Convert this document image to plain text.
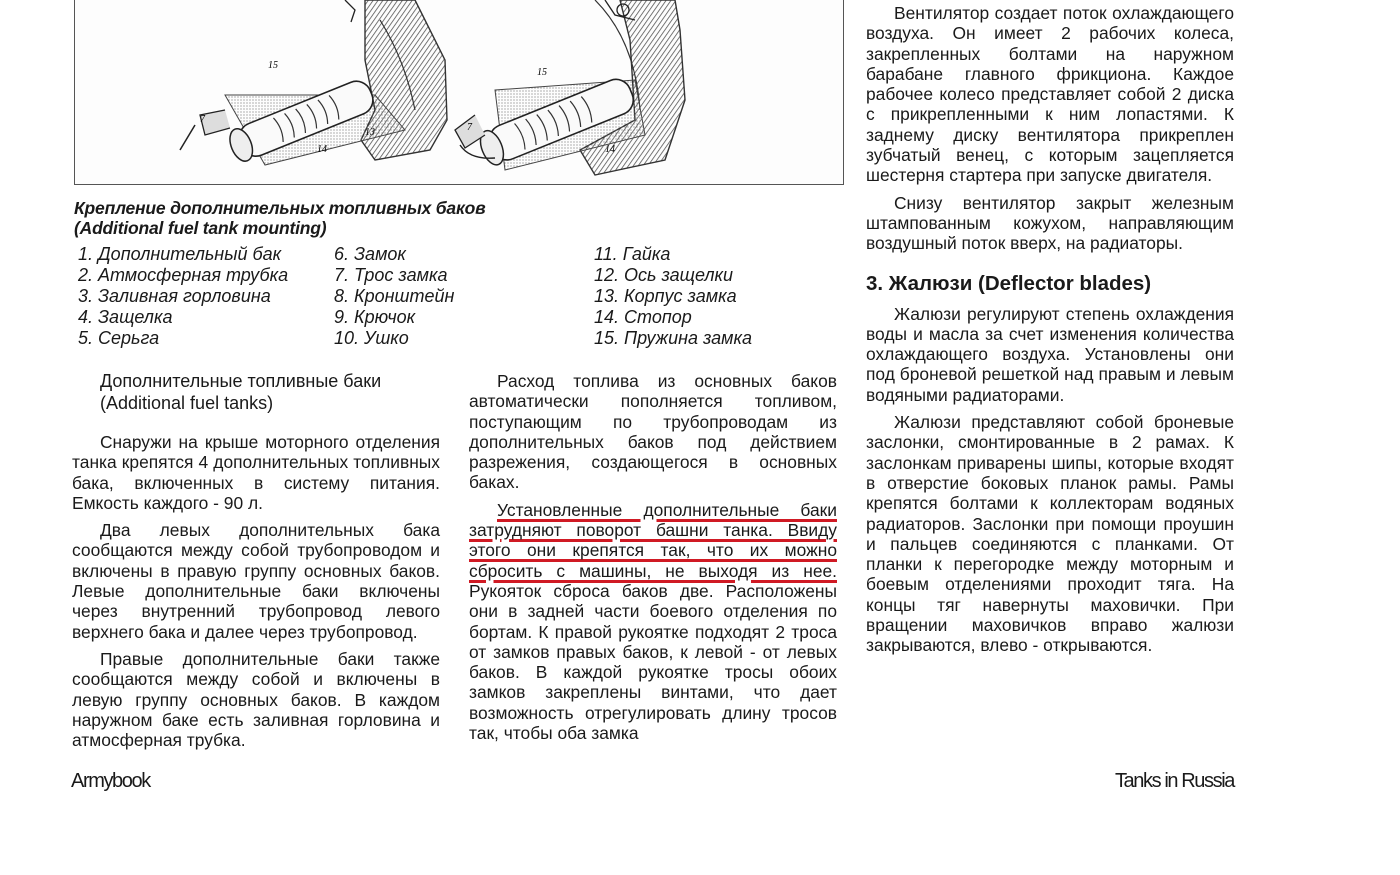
15
7
14
13
15
7
14
Крепление дополнительных топливных баков
(Additional fuel tank mounting)
1. Дополнительный бак
2. Атмосферная трубка
3. Заливная горловина
4. Защелка
5. Серьга
6. Замок
7. Трос замка
8. Кронштейн
9. Крючок
10. Ушко
11. Гайка
12. Ось защелки
13. Корпус замка
14. Стопор
15. Пружина замка

Дополнительные топливные баки
(Additional fuel tanks)

Снаружи на крыше моторного отделения танка крепятся 4 дополнительных топливных бака, включенных в систему питания. Емкость каждого - 90 л.

Два левых дополнительных бака сообщаются между собой трубопроводом и включены в правую группу основных баков. Левые дополнительные баки включены через внутренний трубопровод левого верхнего бака и далее через трубопровод.

Правые дополнительные баки также сообщаются между собой и включены в левую группу основных баков. В каждом наружном баке есть заливная горловина и атмосферная трубка.

Расход топлива из основных баков автоматически пополняется топливом, поступающим по трубопроводам из дополнительных баков под действием разрежения, создающегося в основных баках.

Установленные дополнительные баки затрудняют поворот башни танка. Ввиду этого они крепятся так, что их можно сбросить с машины, не выходя из нее. Рукояток сброса баков две. Расположены они в задней части боевого отделения по бортам. К правой рукоятке подходят 2 троса от замков правых баков, к левой - от левых баков. В каждой рукоятке тросы обоих замков закреплены винтами, что дает возможность отрегулировать длину тросов так, чтобы оба замка

Вентилятор создает поток охлаждающего воздуха. Он имеет 2 рабочих колеса, закрепленных болтами на наружном барабане главного фрикциона. Каждое рабочее колесо представляет собой 2 диска с прикрепленными к ним лопастями. К заднему диску вентилятора прикреплен зубчатый венец, с которым зацепляется шестерня стартера при запуске двигателя.

Снизу вентилятор закрыт железным штампованным кожухом, направляющим воздушный поток вверх, на радиаторы.

3. Жалюзи (Deflector blades)

Жалюзи регулируют степень охлаждения воды и масла за счет изменения количества охлаждающего воздуха. Установлены они под броневой решеткой над правым и левым водяными радиаторами.

Жалюзи представляют собой броневые заслонки, смонтированные в 2 рамах. К заслонкам приварены шипы, которые входят в отверстие боковых планок рамы. Рамы крепятся болтами к коллекторам водяных радиаторов. Заслонки при помощи проушин и пальцев соединяются с планками. От планки к перегородке между моторным и боевым отделениями проходит тяга. На концы тяг навернуты маховички. При вращении маховичков вправо жалюзи закрываются, влево - открываются.

Armybook	Tanks in Russia
